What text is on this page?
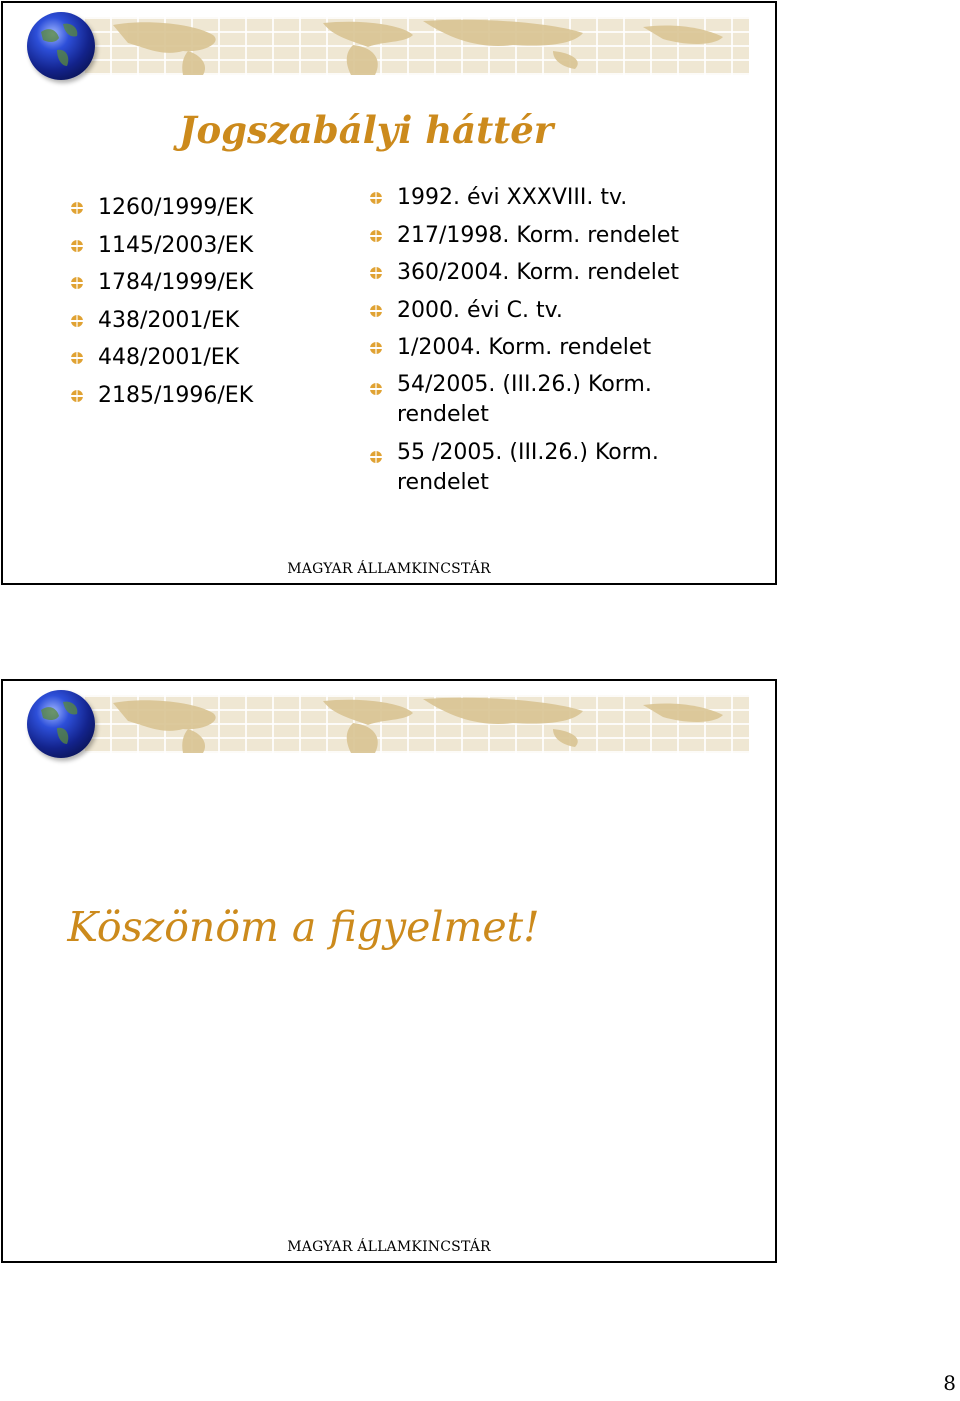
Jogszabályi háttér
1260/1999/EK
1145/2003/EK
1784/1999/EK
438/2001/EK
448/2001/EK
2185/1996/EK
1992. évi XXXVIII. tv.
217/1998. Korm. rendelet
360/2004. Korm. rendelet
2000. évi C. tv.
1/2004. Korm. rendelet
54/2005. (III.26.) Korm. rendelet
55 /2005. (III.26.) Korm. rendelet
MAGYAR ÁLLAMKINCSTÁR
Köszönöm a figyelmet!
MAGYAR ÁLLAMKINCSTÁR
8
